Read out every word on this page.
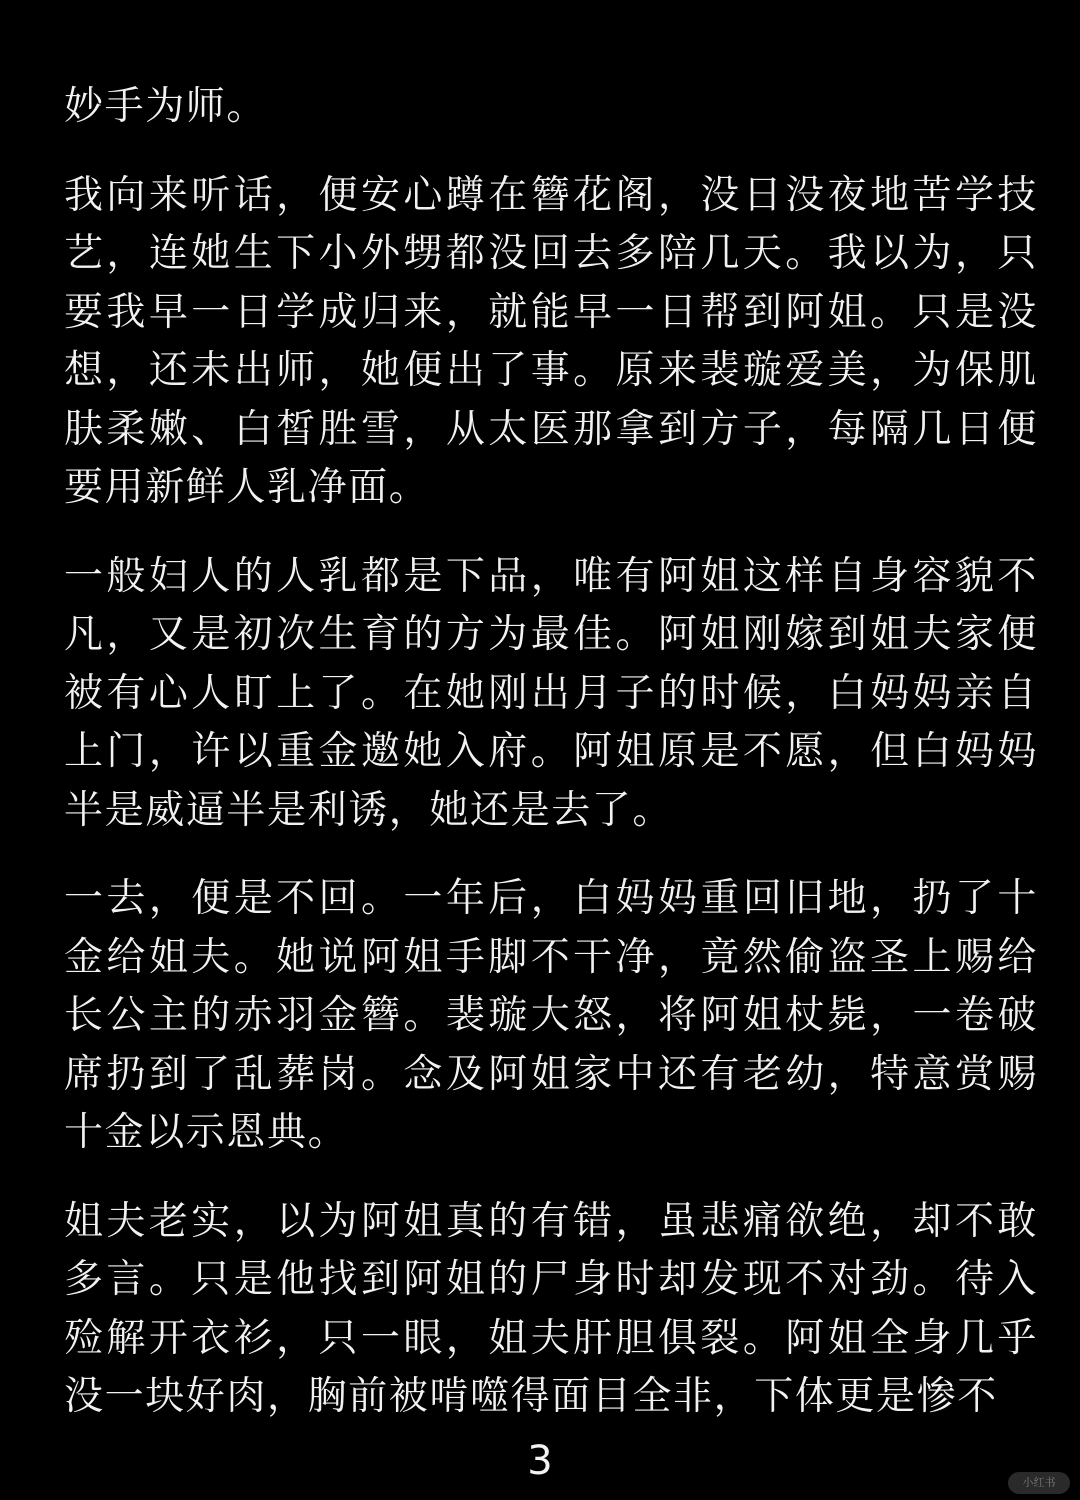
妙手为师。

我向来听话，便安心蹲在簪花阁，没日没夜地苦学技艺，连她生下小外甥都没回去多陪几天。我以为，只要我早一日学成归来，就能早一日帮到阿姐。只是没想，还未出师，她便出了事。原来裴璇爱美，为保肌肤柔嫩、白皙胜雪，从太医那拿到方子，每隔几日便要用新鲜人乳净面。

一般妇人的人乳都是下品，唯有阿姐这样自身容貌不凡，又是初次生育的方为最佳。阿姐刚嫁到姐夫家便被有心人盯上了。在她刚出月子的时候，白妈妈亲自上门，许以重金邀她入府。阿姐原是不愿，但白妈妈半是威逼半是利诱，她还是去了。

一去，便是不回。一年后，白妈妈重回旧地，扔了十金给姐夫。她说阿姐手脚不干净，竟然偷盗圣上赐给长公主的赤羽金簪。裴璇大怒，将阿姐杖毙，一卷破席扔到了乱葬岗。念及阿姐家中还有老幼，特意赏赐十金以示恩典。

姐夫老实，以为阿姐真的有错，虽悲痛欲绝，却不敢多言。只是他找到阿姐的尸身时却发现不对劲。待入殓解开衣衫，只一眼，姐夫肝胆俱裂。阿姐全身几乎没一块好肉，胸前被啃噬得面目全非，下体更是惨不

3	小红书
